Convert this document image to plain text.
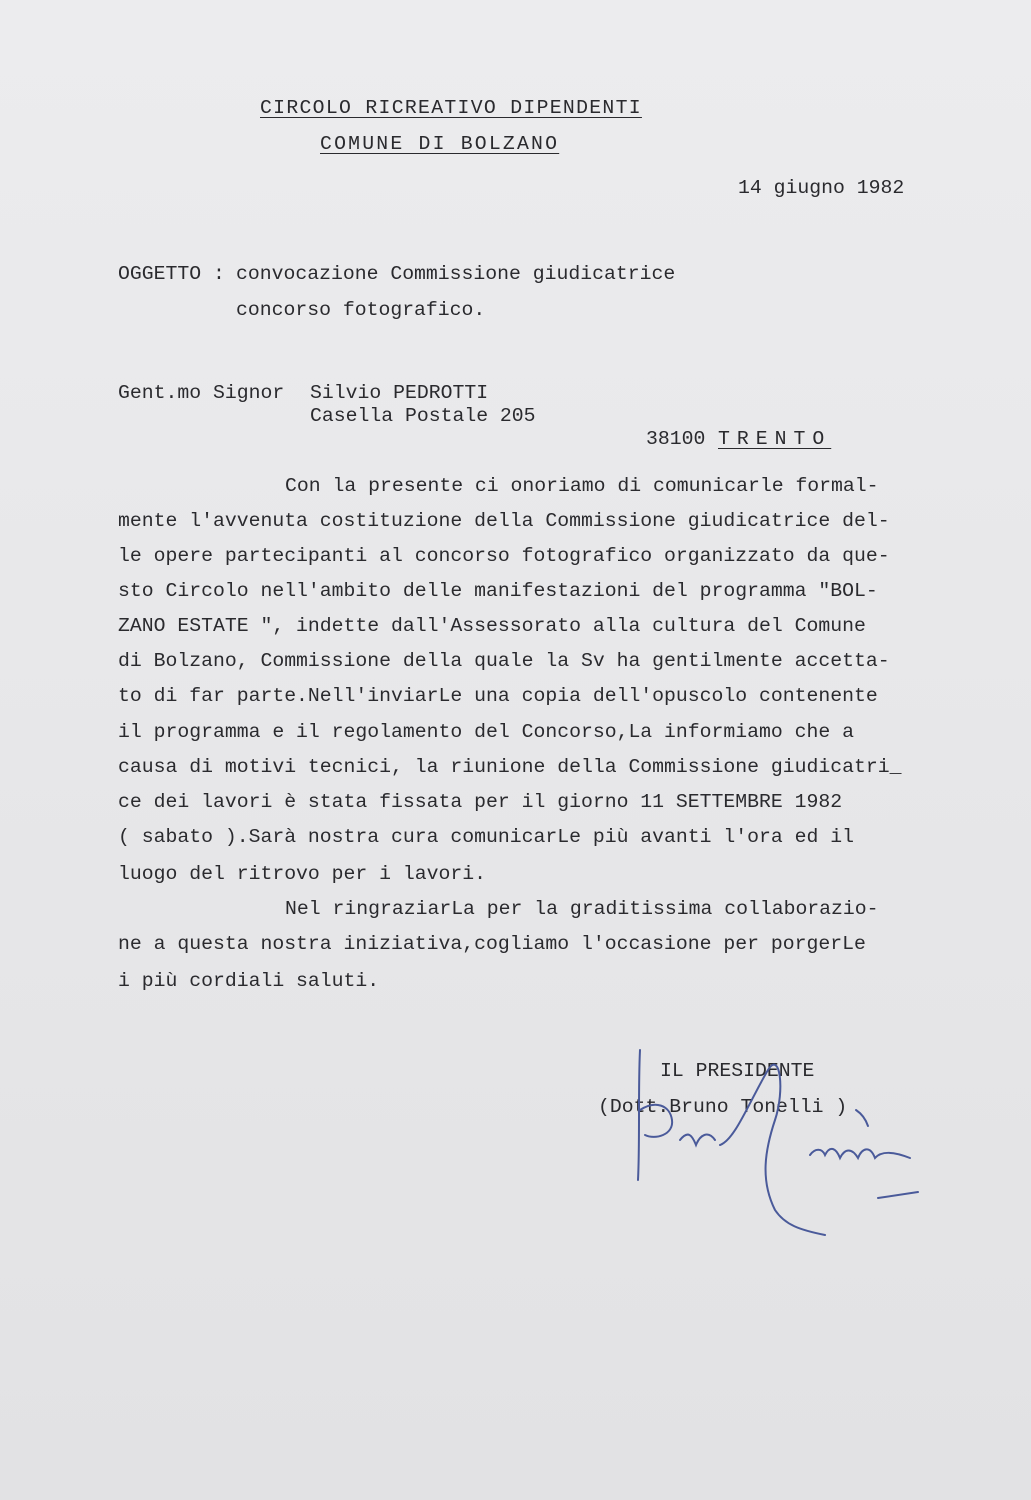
CIRCOLO RICREATIVO DIPENDENTI
COMUNE DI BOLZANO
14 giugno 1982
OGGETTO : convocazione Commissione giudicatrice
concorso fotografico.
Gent.mo Signor Silvio PEDROTTI
Casella Postale 205
38100 TRENTO
Con la presente ci onoriamo di comunicarle formal-
mente l'avvenuta costituzione della Commissione giudicatrice del-
le opere partecipanti al concorso fotografico organizzato da que-
sto Circolo nell'ambito delle manifestazioni del programma "BOL-
ZANO ESTATE ", indette dall'Assessorato alla cultura del Comune
di Bolzano, Commissione della quale la Sv ha gentilmente accetta-
to di far parte.Nell'inviarLe una copia dell'opuscolo contenente
il programma e il regolamento del Concorso,La informiamo che a
causa di motivi tecnici, la riunione della Commissione giudicatri_
ce dei lavori è stata fissata per il giorno 11 SETTEMBRE 1982
( sabato ).Sarà nostra cura comunicarLe più avanti l'ora ed il
luogo del ritrovo per i lavori.
Nel ringraziarLa per la graditissima collaborazio-
ne a questa nostra iniziativa,cogliamo l'occasione per porgerLe
i più cordiali saluti.
IL PRESIDENTE
(Dott.Bruno Tonelli )
